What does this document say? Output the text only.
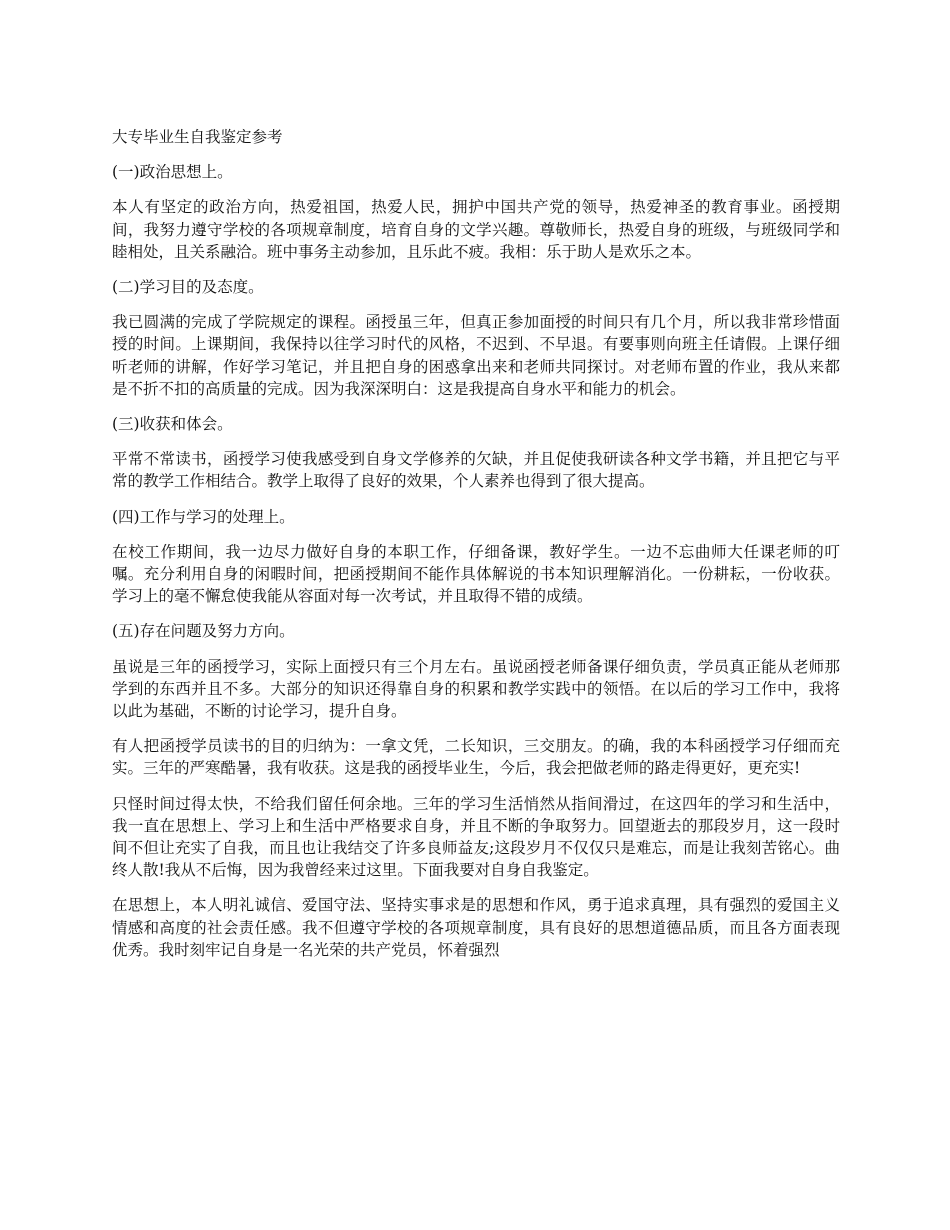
大专毕业生自我鉴定参考

(一)政治思想上。

本人有坚定的政治方向，热爱祖国，热爱人民，拥护中国共产党的领导，热爱神圣的教育事业。函授期间，我努力遵守学校的各项规章制度，培育自身的文学兴趣。尊敬师长，热爱自身的班级，与班级同学和睦相处，且关系融洽。班中事务主动参加，且乐此不疲。我相：乐于助人是欢乐之本。

(二)学习目的及态度。

我已圆满的完成了学院规定的课程。函授虽三年，但真正参加面授的时间只有几个月，所以我非常珍惜面授的时间。上课期间，我保持以往学习时代的风格，不迟到、不早退。有要事则向班主任请假。上课仔细听老师的讲解，作好学习笔记，并且把自身的困惑拿出来和老师共同探讨。对老师布置的作业，我从来都是不折不扣的高质量的完成。因为我深深明白：这是我提高自身水平和能力的机会。

(三)收获和体会。

平常不常读书，函授学习使我感受到自身文学修养的欠缺，并且促使我研读各种文学书籍，并且把它与平常的教学工作相结合。教学上取得了良好的效果，个人素养也得到了很大提高。

(四)工作与学习的处理上。

在校工作期间，我一边尽力做好自身的本职工作，仔细备课，教好学生。一边不忘曲师大任课老师的叮嘱。充分利用自身的闲暇时间，把函授期间不能作具体解说的书本知识理解消化。一份耕耘，一份收获。学习上的毫不懈怠使我能从容面对每一次考试，并且取得不错的成绩。

(五)存在问题及努力方向。

虽说是三年的函授学习，实际上面授只有三个月左右。虽说函授老师备课仔细负责，学员真正能从老师那学到的东西并且不多。大部分的知识还得靠自身的积累和教学实践中的领悟。在以后的学习工作中，我将以此为基础，不断的讨论学习，提升自身。

有人把函授学员读书的目的归纳为：一拿文凭，二长知识，三交朋友。的确，我的本科函授学习仔细而充实。三年的严寒酷暑，我有收获。这是我的函授毕业生，今后，我会把做老师的路走得更好，更充实!

只怪时间过得太快，不给我们留任何余地。三年的学习生活悄然从指间滑过，在这四年的学习和生活中，我一直在思想上、学习上和生活中严格要求自身，并且不断的争取努力。回望逝去的那段岁月，这一段时间不但让充实了自我，而且也让我结交了许多良师益友;这段岁月不仅仅只是难忘，而是让我刻苦铭心。曲终人散!我从不后悔，因为我曾经来过这里。下面我要对自身自我鉴定。

在思想上，本人明礼诚信、爱国守法、坚持实事求是的思想和作风，勇于追求真理，具有强烈的爱国主义情感和高度的社会责任感。我不但遵守学校的各项规章制度，具有良好的思想道德品质，而且各方面表现优秀。我时刻牢记自身是一名光荣的共产党员，怀着强烈
